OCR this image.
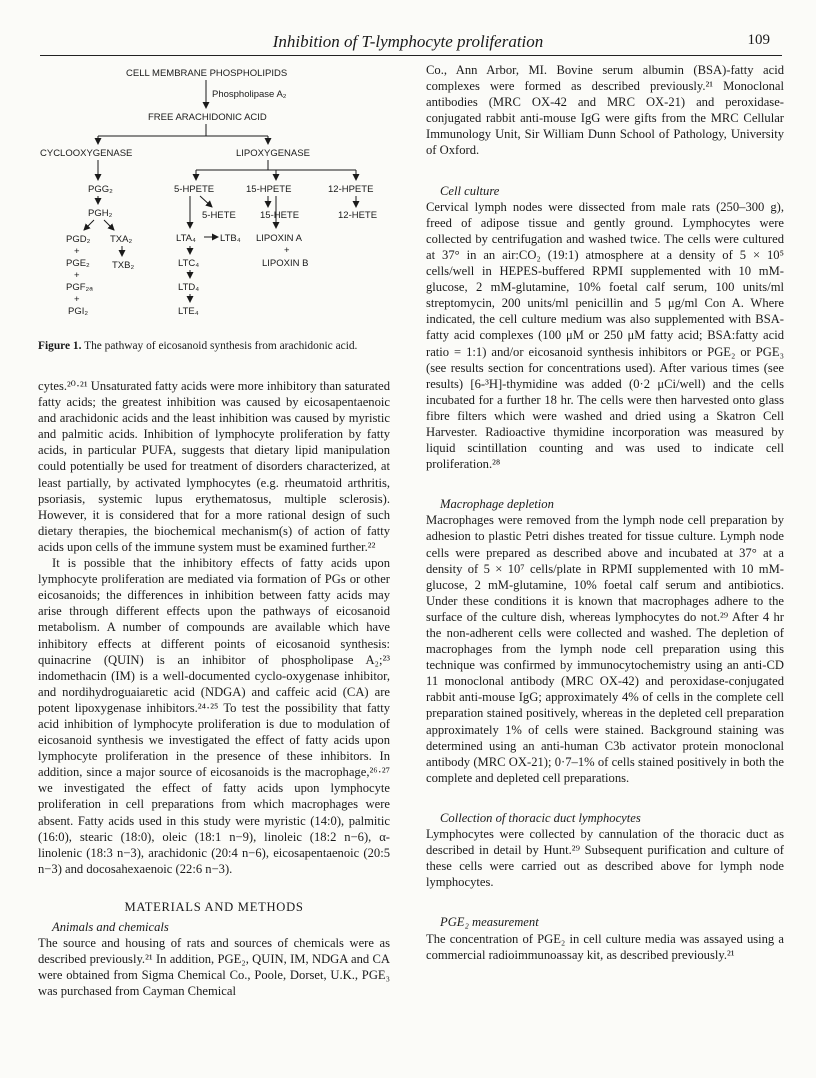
Inhibition of T-lymphocyte proliferation	109
CELL MEMBRANE PHOSPHOLIPIDS
Phospholipase A₂
FREE ARACHIDONIC ACID
CYCLOOXYGENASE	LIPOXYGENASE
PGG₂
PGH₂
PGD₂ TXA₂
+
PGE₂ TXB₂
+
PGF₂ₐ
+
PGI₂
5-HPETE	15-HPETE	12-HPETE
5-HETE	15-HETE	12-HETE
LTA₄	LTB₄ LIPOXIN A
+
LIPOXIN B
LTC₄
LTD₄
LTE₄
Figure 1. The pathway of eicosanoid synthesis from arachidonic acid.

cytes.²⁰·²¹ Unsaturated fatty acids were more inhibitory than saturated fatty acids; the greatest inhibition was caused by eicosapentaenoic and arachidonic acids and the least inhibition was caused by myristic and palmitic acids. Inhibition of lymphocyte proliferation by fatty acids, in particular PUFA, suggests that dietary lipid manipulation could potentially be used for treatment of disorders characterized, at least partially, by activated lymphocytes (e.g. rheumatoid arthritis, psoriasis, systemic lupus erythematosus, multiple sclerosis). However, it is considered that for a more rational design of such dietary therapies, the biochemical mechanism(s) of action of fatty acids upon cells of the immune system must be examined further.²²

It is possible that the inhibitory effects of fatty acids upon lymphocyte proliferation are mediated via formation of PGs or other eicosanoids; the differences in inhibition between fatty acids may arise through different effects upon the pathways of eicosanoid metabolism. A number of compounds are available which have inhibitory effects at different points of eicosanoid synthesis: quinacrine (QUIN) is an inhibitor of phospholipase A₂;²³ indomethacin (IM) is a well-documented cyclo-oxygenase inhibitor, and nordihydroguaiaretic acid (NDGA) and caffeic acid (CA) are potent lipoxygenase inhibitors.²⁴·²⁵ To test the possibility that fatty acid inhibition of lymphocyte proliferation is due to modulation of eicosanoid synthesis we investigated the effect of fatty acids upon lymphocyte proliferation in the presence of these inhibitors. In addition, since a major source of eicosanoids is the macrophage,²⁶·²⁷ we investigated the effect of fatty acids upon lymphocyte proliferation in cell preparations from which macrophages were absent. Fatty acids used in this study were myristic (14:0), palmitic (16:0), stearic (18:0), oleic (18:1 n−9), linoleic (18:2 n−6), α-linolenic (18:3 n−3), arachidonic (20:4 n−6), eicosapentaenoic (20:5 n−3) and docosahexaenoic (22:6 n−3).

MATERIALS AND METHODS

Animals and chemicals

The source and housing of rats and sources of chemicals were as described previously.²¹ In addition, PGE₂, QUIN, IM, NDGA and CA were obtained from Sigma Chemical Co., Poole, Dorset, U.K., PGE₃ was purchased from Cayman Chemical

Co., Ann Arbor, MI. Bovine serum albumin (BSA)-fatty acid complexes were formed as described previously.²¹ Monoclonal antibodies (MRC OX-42 and MRC OX-21) and peroxidase-conjugated rabbit anti-mouse IgG were gifts from the MRC Cellular Immunology Unit, Sir William Dunn School of Pathology, University of Oxford.

Cell culture

Cervical lymph nodes were dissected from male rats (250–300 g), freed of adipose tissue and gently ground. Lymphocytes were collected by centrifugation and washed twice. The cells were cultured at 37° in an air:CO₂ (19:1) atmosphere at a density of 5 × 10⁵ cells/well in HEPES-buffered RPMI supplemented with 10 mM-glucose, 2 mM-glutamine, 10% foetal calf serum, 100 units/ml streptomycin, 200 units/ml penicillin and 5 μg/ml Con A. Where indicated, the cell culture medium was also supplemented with BSA-fatty acid complexes (100 μM or 250 μM fatty acid; BSA:fatty acid ratio = 1:1) and/or eicosanoid synthesis inhibitors or PGE₂ or PGE₃ (see results section for concentrations used). After various times (see results) [6-³H]-thymidine was added (0·2 μCi/well) and the cells incubated for a further 18 hr. The cells were then harvested onto glass fibre filters which were washed and dried using a Skatron Cell Harvester. Radioactive thymidine incorporation was measured by liquid scintillation counting and was used to indicate cell proliferation.²⁸

Macrophage depletion

Macrophages were removed from the lymph node cell preparation by adhesion to plastic Petri dishes treated for tissue culture. Lymph node cells were prepared as described above and incubated at 37° at a density of 5 × 10⁷ cells/plate in RPMI supplemented with 10 mM-glucose, 2 mM-glutamine, 10% foetal calf serum and antibiotics. Under these conditions it is known that macrophages adhere to the surface of the culture dish, whereas lymphocytes do not.²⁹ After 4 hr the non-adherent cells were collected and washed. The depletion of macrophages from the lymph node cell preparation using this technique was confirmed by immunocytochemistry using an anti-CD 11 monoclonal antibody (MRC OX-42) and peroxidase-conjugated rabbit anti-mouse IgG; approximately 4% of cells in the complete cell preparation stained positively, whereas in the depleted cell preparation approximately 1% of cells were stained. Background staining was determined using an anti-human C3b activator protein monoclonal antibody (MRC OX-21); 0·7–1% of cells stained positively in both the complete and depleted cell preparations.

Collection of thoracic duct lymphocytes

Lymphocytes were collected by cannulation of the thoracic duct as described in detail by Hunt.²⁹ Subsequent purification and culture of these cells were carried out as described above for lymph node lymphocytes.

PGE₂ measurement

The concentration of PGE₂ in cell culture media was assayed using a commercial radioimmunoassay kit, as described previously.²¹
